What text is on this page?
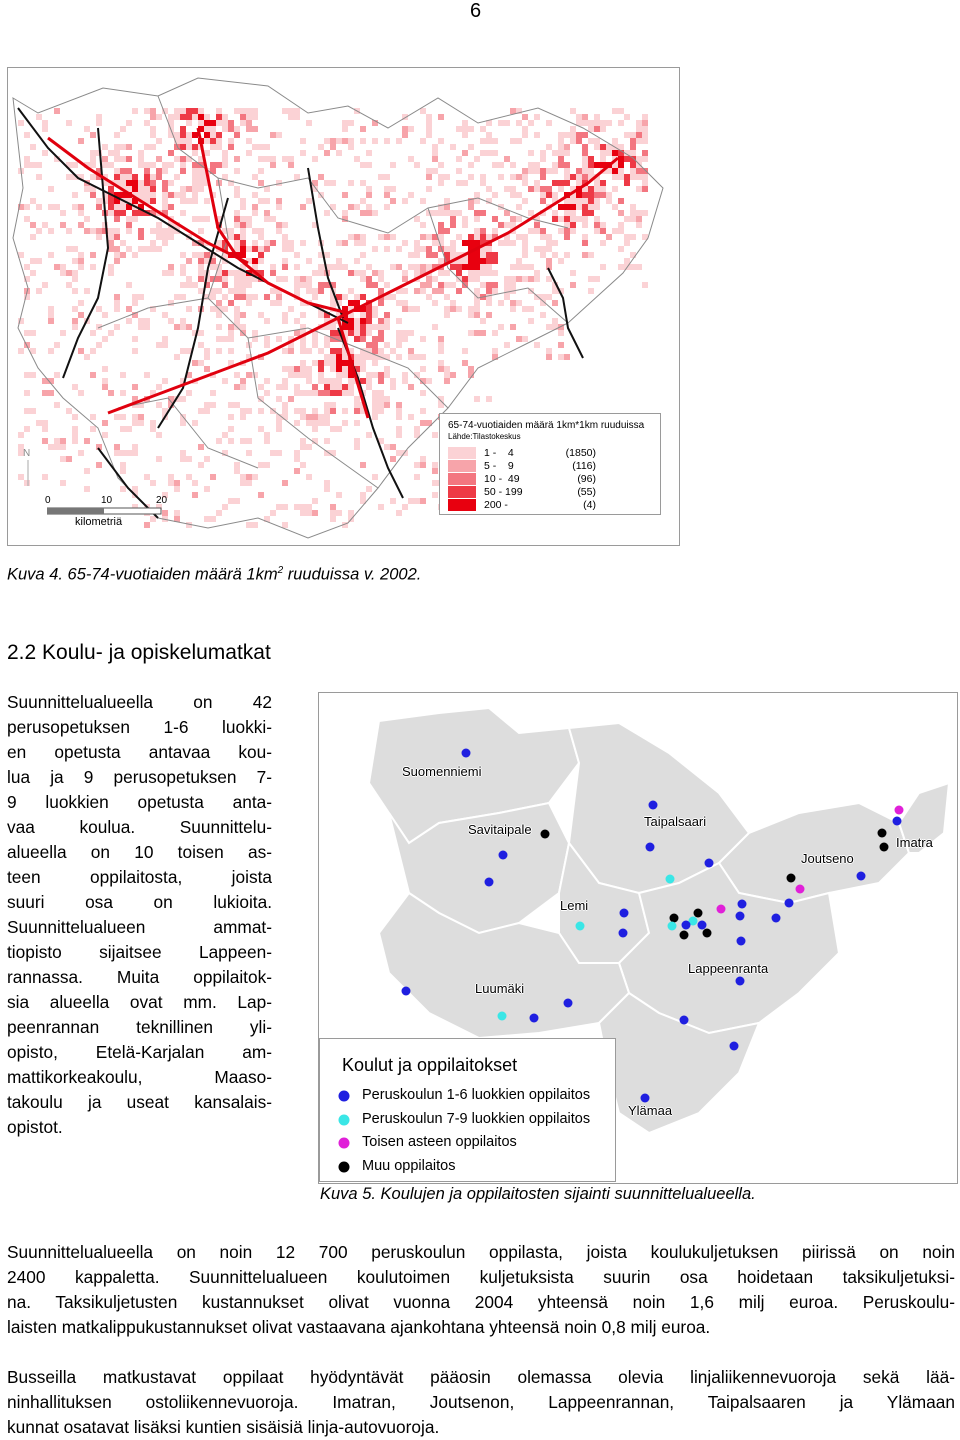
6
65-74-vuotiaiden määrä 1km*1km ruuduissa
Lähde:Tilastokeskus
1 -    4	(1850)
5 -    9	(116)
10 -  49	(96)
50 - 199	(55)
200 -	(4)
N
0	10	20
kilometriä
Kuva 4. 65-74-vuotiaiden määrä $1km^2$ ruuduissa v. 2002.
2.2 Koulu- ja opiskelumatkat
Suunnittelualueella on 42
perusopetuksen 1-6 luokki-
en opetusta antavaa kou-
lua ja 9 perusopetuksen 7-
9 luokkien opetusta anta-
vaa koulua. Suunnittelu-
alueella on 10 toisen as-
teen oppilaitosta, joista
suuri osa on lukioita.
Suunnittelualueen ammat-
tiopisto sijaitsee Lappeen-
rannassa. Muita oppilaitok-
sia alueella ovat mm. Lap-
peenrannan teknillinen yli-
opisto, Etelä-Karjalan am-
mattikorkeakoulu, Maaso-
takoulu ja useat kansalais-
opistot.
Suomenniemi
Savitaipale
Taipalsaari
Joutseno
Imatra
Lemi
Lappeenranta
Luumäki
Ylämaa
Koulut ja oppilaitokset
Peruskoulun 1-6 luokkien oppilaitos
Peruskoulun 7-9 luokkien oppilaitos
Toisen asteen oppilaitos
Muu oppilaitos
Kuva 5. Koulujen ja oppilaitosten sijainti suunnittelualueella.
Suunnittelualueella on noin 12 700 peruskoulun oppilasta, joista koulukuljetuksen piirissä on noin
2400 kappaletta. Suunnittelualueen koulutoimen kuljetuksista suurin osa hoidetaan taksikuljetuksi-
na. Taksikuljetusten kustannukset olivat vuonna 2004 yhteensä noin 1,6 milj euroa. Peruskoulu-
laisten matkalippukustannukset olivat vastaavana ajankohtana yhteensä noin 0,8 milj euroa.
Busseilla matkustavat oppilaat hyödyntävät pääosin olemassa olevia linjaliikennevuoroja sekä lää-
ninhallituksen ostoliikennevuoroja. Imatran, Joutsenon, Lappeenrannan, Taipalsaaren ja Ylämaan
kunnat osatavat lisäksi kuntien sisäisiä linja-autovuoroja.
